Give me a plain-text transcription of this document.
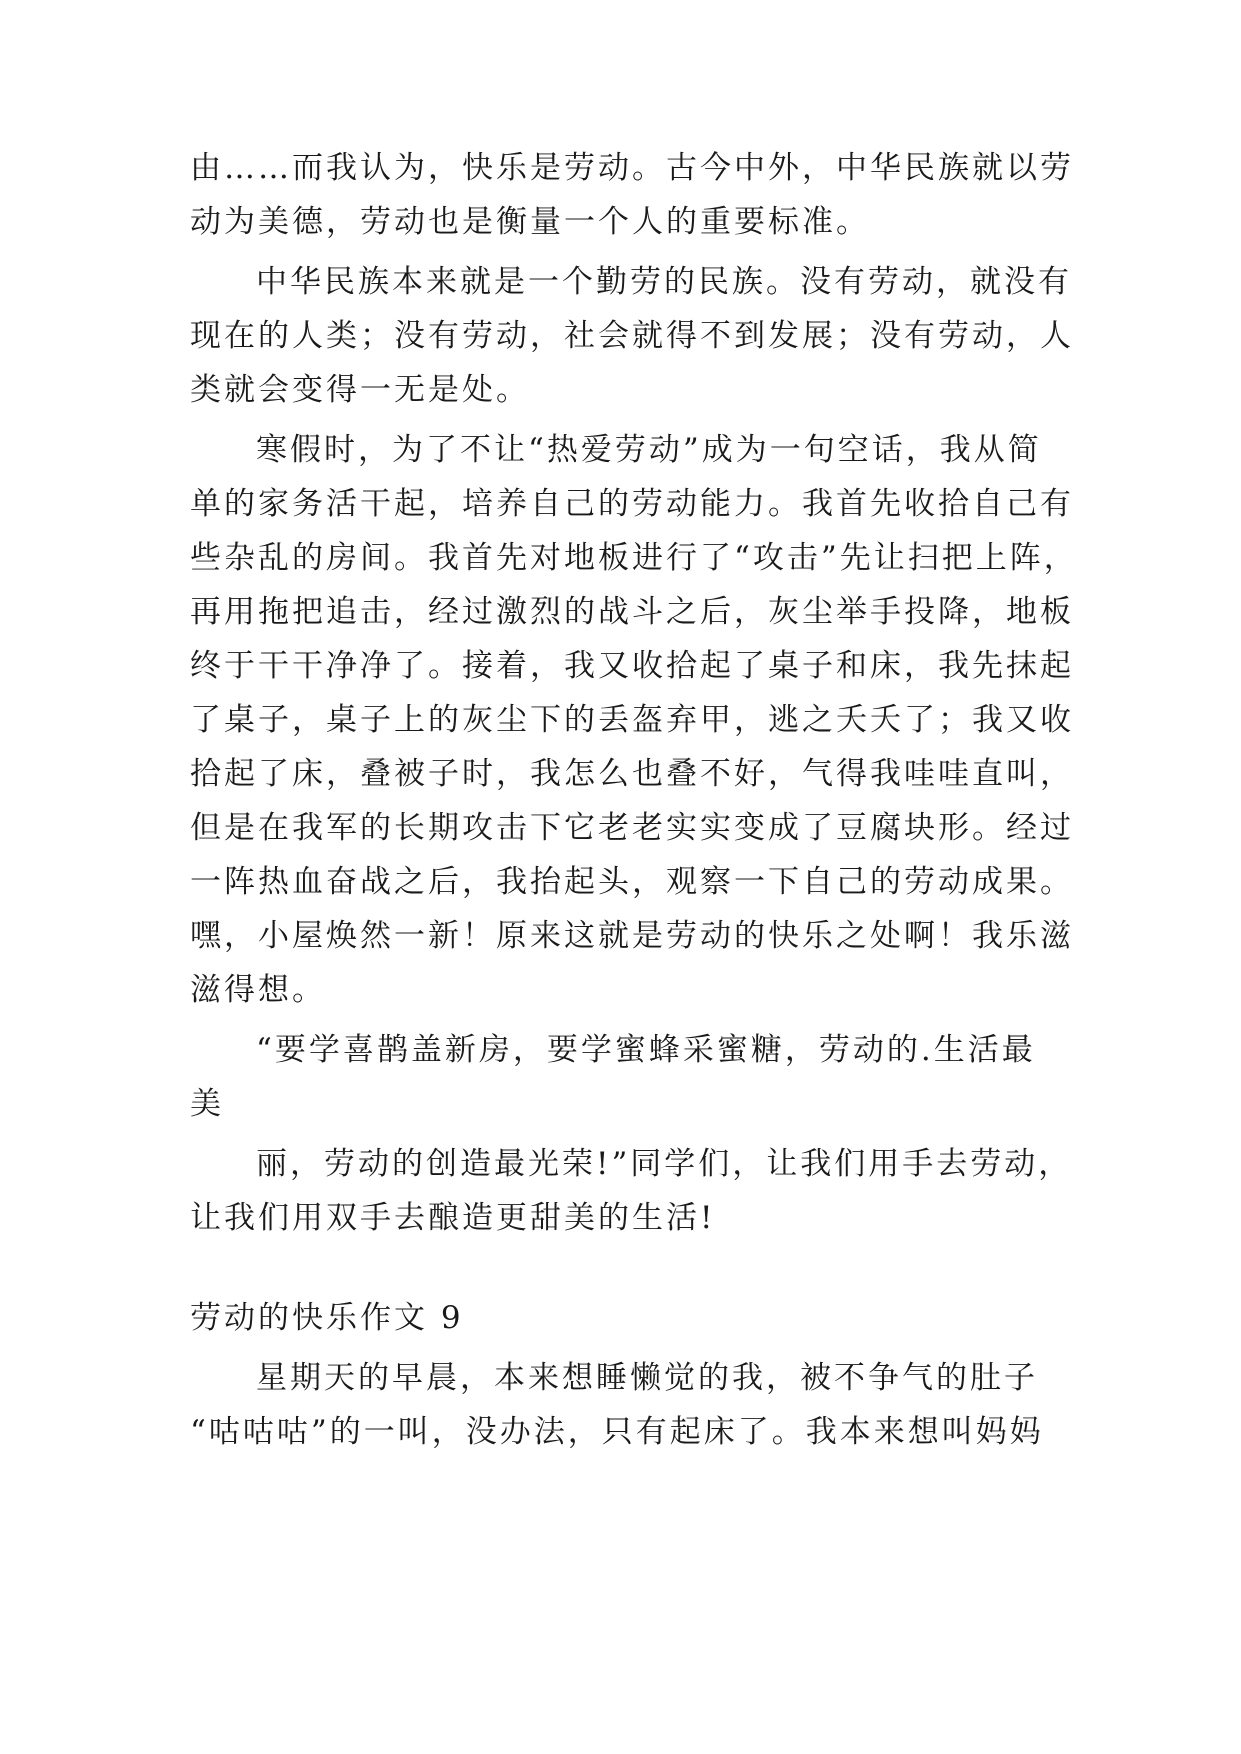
由……而我认为，快乐是劳动。古今中外，中华民族就以劳
动为美德，劳动也是衡量一个人的重要标准。
中华民族本来就是一个勤劳的民族。没有劳动，就没有
现在的人类；没有劳动，社会就得不到发展；没有劳动，人
类就会变得一无是处。
寒假时，为了不让“热爱劳动”成为一句空话，我从简
单的家务活干起，培养自己的劳动能力。我首先收拾自己有
些杂乱的房间。我首先对地板进行了“攻击”先让扫把上阵，
再用拖把追击，经过激烈的战斗之后，灰尘举手投降，地板
终于干干净净了。接着，我又收拾起了桌子和床，我先抹起
了桌子，桌子上的灰尘下的丢盔弃甲，逃之夭夭了；我又收
拾起了床，叠被子时，我怎么也叠不好，气得我哇哇直叫，
但是在我军的长期攻击下它老老实实变成了豆腐块形。经过
一阵热血奋战之后，我抬起头，观察一下自己的劳动成果。
嘿，小屋焕然一新！原来这就是劳动的快乐之处啊！我乐滋
滋得想。
“要学喜鹊盖新房，要学蜜蜂采蜜糖，劳动的.生活最
美
丽，劳动的创造最光荣!”同学们，让我们用手去劳动，
让我们用双手去酿造更甜美的生活!
劳动的快乐作文 9
星期天的早晨，本来想睡懒觉的我，被不争气的肚子
“咕咕咕”的一叫，没办法，只有起床了。我本来想叫妈妈
